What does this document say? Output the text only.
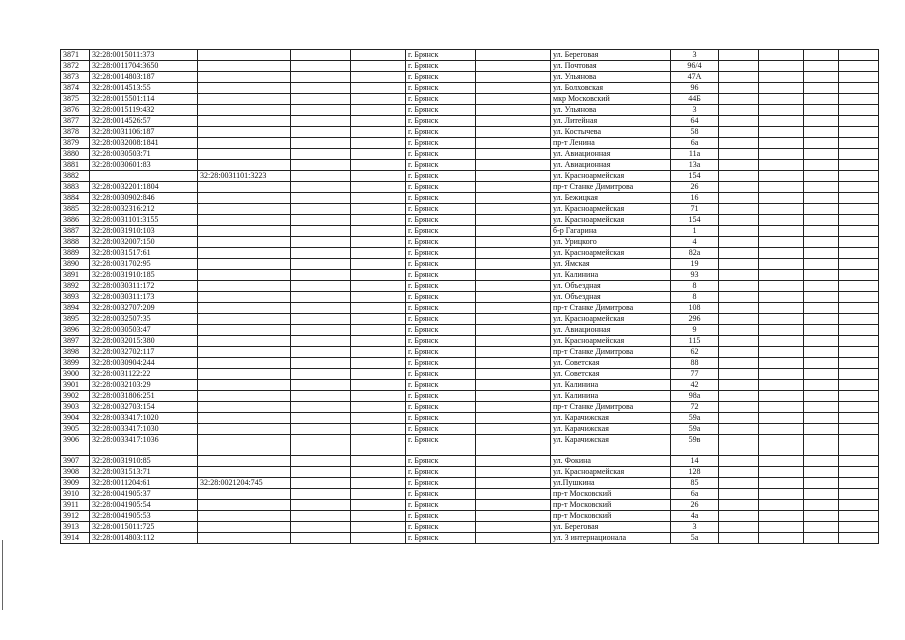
3871	32:28:0015011:373				г. Брянск		ул. Береговая	3				
3872	32:28:0011704:3650				г. Брянск		ул. Почтовая	96/4				
3873	32:28:0014803:187				г. Брянск		ул. Ульянова	47А				
3874	32:28:0014513:55				г. Брянск		ул. Болховская	96				
3875	32:28:0015501:114				г. Брянск		мкр Московский	44Б				
3876	32:28:0015119:432				г. Брянск		ул. Ульянова	3				
3877	32:28:0014526:57				г. Брянск		ул. Литейная	64				
3878	32:28:0031106:187				г. Брянск		ул. Костычева	58				
3879	32:28:0032008:1841				г. Брянск		пр-т Ленина	6а				
3880	32:28:0030503:71				г. Брянск		ул. Авиационная	11а				
3881	32:28:0030601:83				г. Брянск		ул. Авиационная	13а				
3882		32:28:0031101:3223			г. Брянск		ул. Красноармейская	154				
3883	32:28:0032201:1804				г. Брянск		пр-т Станке Димитрова	26				
3884	32:28:0030902:846				г. Брянск		ул. Бежицкая	16				
3885	32:28:0032316:212				г. Брянск		ул. Красноармейская	71				
3886	32:28:0031101:3155				г. Брянск		ул. Красноармейская	154				
3887	32:28:0031910:103				г. Брянск		б-р Гагарина	1				
3888	32:28:0032007:150				г. Брянск		ул. Урицкого	4				
3889	32:28:0031517:61				г. Брянск		ул. Красноармейская	82а				
3890	32:28:0031702:95				г. Брянск		ул. Ямская	19				
3891	32:28:0031910:185				г. Брянск		ул. Калинина	93				
3892	32:28:0030311:172				г. Брянск		ул. Объездная	8				
3893	32:28:0030311:173				г. Брянск		ул. Объездная	8				
3894	32:28:0032707:209				г. Брянск		пр-т Станке Димитрова	108				
3895	32:28:0032507:35				г. Брянск		ул. Красноармейская	296				
3896	32:28:0030503:47				г. Брянск		ул. Авиационная	9				
3897	32:28:0032015:380				г. Брянск		ул. Красноармейская	115				
3898	32:28:0032702:117				г. Брянск		пр-т Станке Димитрова	62				
3899	32:28:0030904:244				г. Брянск		ул. Советская	88				
3900	32:28:0031122:22				г. Брянск		ул. Советская	77				
3901	32:28:0032103:29				г. Брянск		ул. Калинина	42				
3902	32:28:0031806:251				г. Брянск		ул. Калинина	98а				
3903	32:28:0032703:154				г. Брянск		пр-т Станке Димитрова	72				
3904	32:28:0033417:1020				г. Брянск		ул. Карачижская	59а				
3905	32:28:0033417:1030				г. Брянск		ул. Карачижская	59а				
3906	32:28:0033417:1036				г. Брянск		ул. Карачижская	59в				
3907	32:28:0031910:85				г. Брянск		ул. Фокина	14				
3908	32:28:0031513:71				г. Брянск		ул. Красноармейская	128				
3909	32:28:0011204:61	32:28:0021204:745			г. Брянск		ул.Пушкина	85				
3910	32:28:0041905:37				г. Брянск		пр-т Московский	6а				
3911	32:28:0041905:54				г. Брянск		пр-т Московский	26				
3912	32:28:0041905:53				г. Брянск		пр-т Московский	4а				
3913	32:28:0015011:725				г. Брянск		ул. Береговая	3				
3914	32:28:0014803:112				г. Брянск		ул. 3 интернационала	5а				
